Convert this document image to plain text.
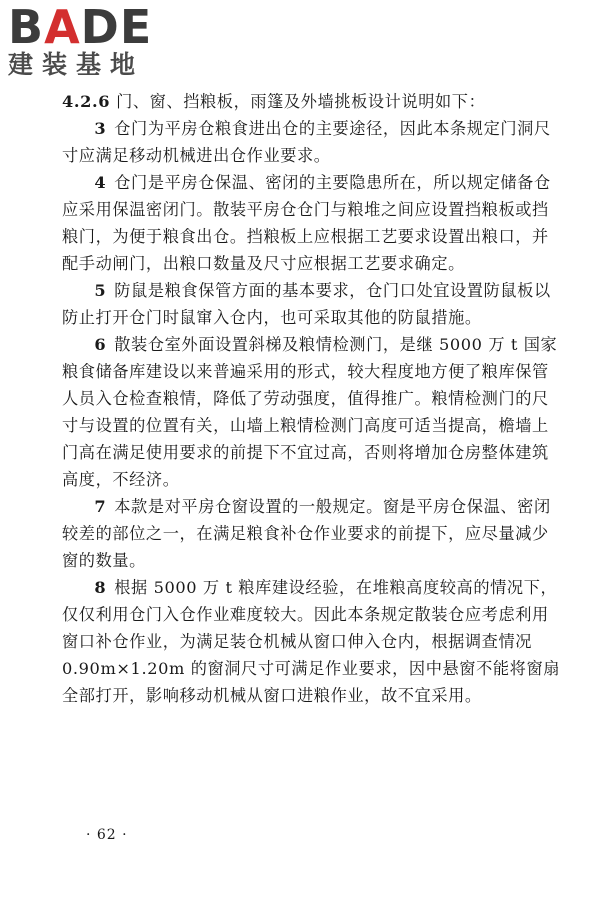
BADE
建装基地

4.2.6 门、窗、挡粮板，雨篷及外墙挑板设计说明如下：

3 仓门为平房仓粮食进出仓的主要途径，因此本条规定门洞尺寸应满足移动机械进出仓作业要求。

4 仓门是平房仓保温、密闭的主要隐患所在，所以规定储备仓应采用保温密闭门。散装平房仓仓门与粮堆之间应设置挡粮板或挡粮门，为便于粮食出仓。挡粮板上应根据工艺要求设置出粮口，并配手动闸门，出粮口数量及尺寸应根据工艺要求确定。

5 防鼠是粮食保管方面的基本要求，仓门口处宜设置防鼠板以防止打开仓门时鼠窜入仓内，也可采取其他的防鼠措施。

6 散装仓室外面设置斜梯及粮情检测门，是继 5000 万 t 国家粮食储备库建设以来普遍采用的形式，较大程度地方便了粮库保管人员入仓检查粮情，降低了劳动强度，值得推广。粮情检测门的尺寸与设置的位置有关，山墙上粮情检测门高度可适当提高，檐墙上门高在满足使用要求的前提下不宜过高，否则将增加仓房整体建筑高度，不经济。

7 本款是对平房仓窗设置的一般规定。窗是平房仓保温、密闭较差的部位之一，在满足粮食补仓作业要求的前提下，应尽量减少窗的数量。

8 根据 5000 万 t 粮库建设经验，在堆粮高度较高的情况下，仅仅利用仓门入仓作业难度较大。因此本条规定散装仓应考虑利用窗口补仓作业，为满足装仓机械从窗口伸入仓内，根据调查情况 0.90m×1.20m 的窗洞尺寸可满足作业要求，因中悬窗不能将窗扇全部打开，影响移动机械从窗口进粮作业，故不宜采用。

· 62 ·
